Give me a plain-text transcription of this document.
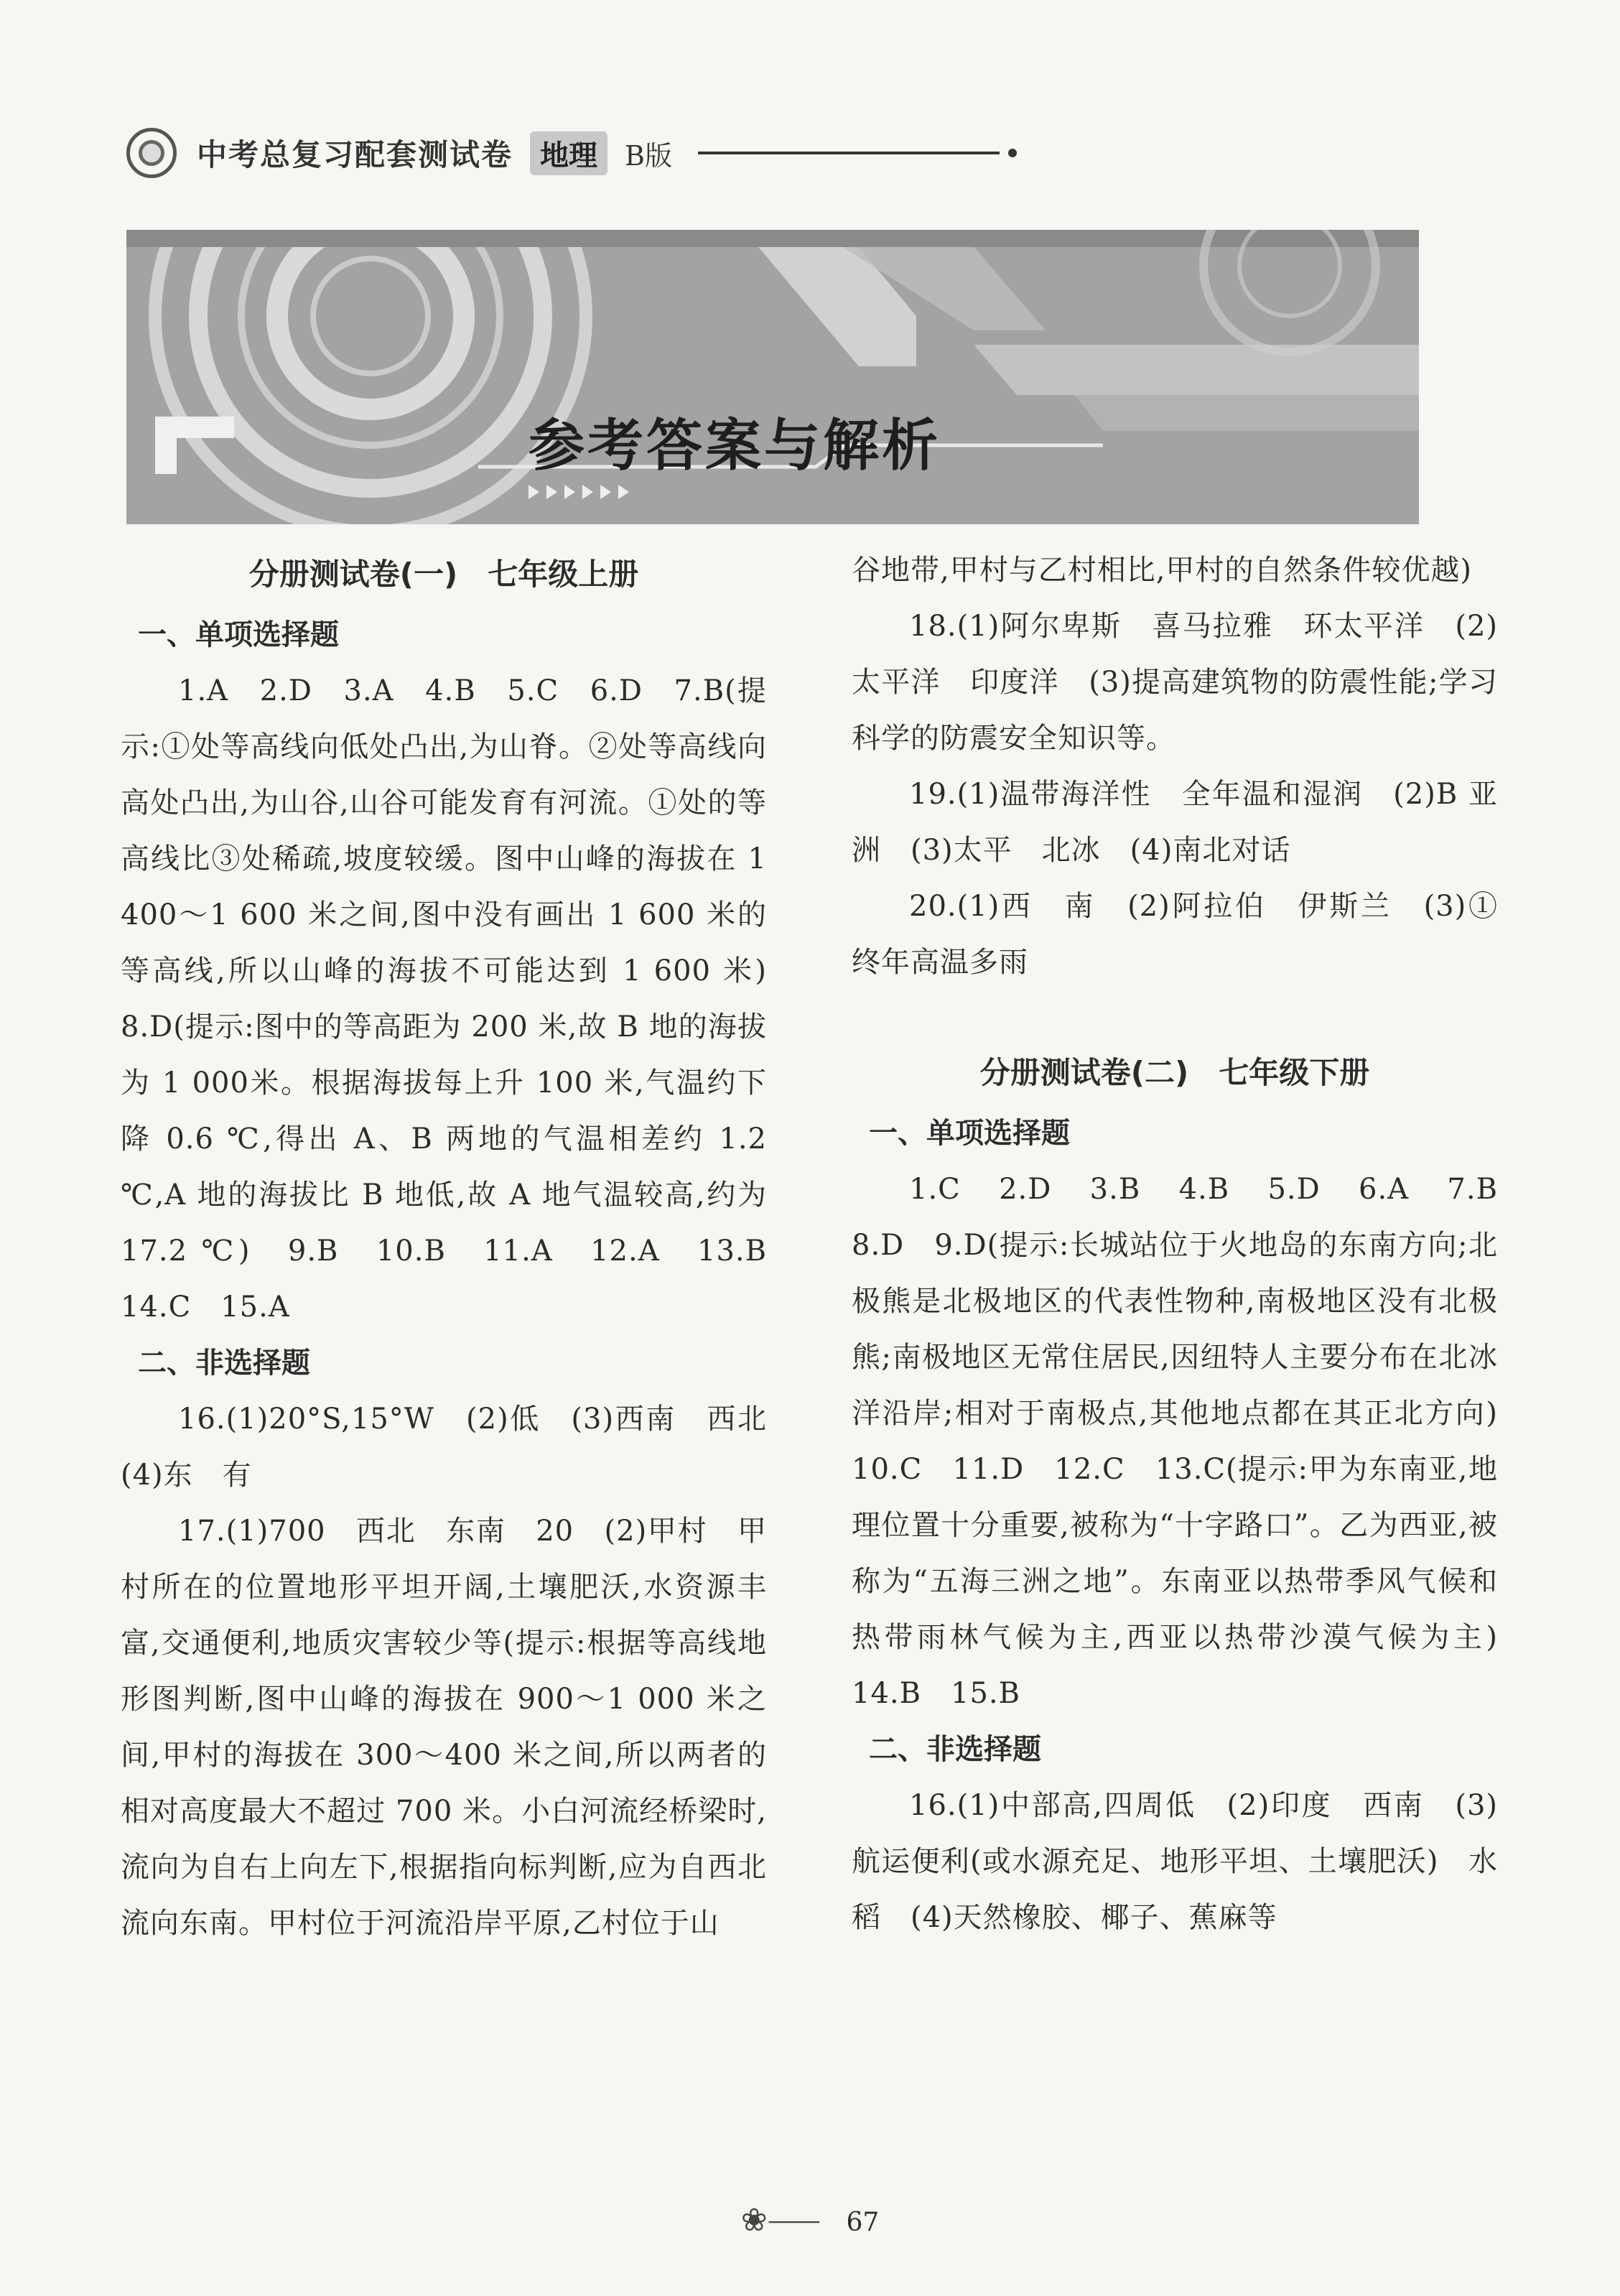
中考总复习配套测试卷 地理	B版
参考答案与解析

分册测试卷(一)　七年级上册

一、单项选择题

1.A　2.D　3.A　4.B　5.C　6.D　7.B(提示:①处等高线向低处凸出,为山脊。②处等高线向高处凸出,为山谷,山谷可能发育有河流。①处的等高线比③处稀疏,坡度较缓。图中山峰的海拔在 1 400～1 600 米之间,图中没有画出 1 600 米的等高线,所以山峰的海拔不可能达到 1 600 米)　8.D(提示:图中的等高距为 200 米,故 B 地的海拔为 1 000米。根据海拔每上升 100 米,气温约下降 0.6 ℃,得出 A、B 两地的气温相差约 1.2 ℃,A 地的海拔比 B 地低,故 A 地气温较高,约为 17.2 ℃)　9.B　10.B　11.A　12.A　13.B　14.C　15.A

二、非选择题

16.(1)20°S,15°W　(2)低　(3)西南　西北　(4)东　有

17.(1)700　西北　东南　20　(2)甲村　甲村所在的位置地形平坦开阔,土壤肥沃,水资源丰富,交通便利,地质灾害较少等(提示:根据等高线地形图判断,图中山峰的海拔在 900～1 000 米之间,甲村的海拔在 300～400 米之间,所以两者的相对高度最大不超过 700 米。小白河流经桥梁时,流向为自右上向左下,根据指向标判断,应为自西北流向东南。甲村位于河流沿岸平原,乙村位于山

谷地带,甲村与乙村相比,甲村的自然条件较优越)

18.(1)阿尔卑斯　喜马拉雅　环太平洋　(2)太平洋　印度洋　(3)提高建筑物的防震性能;学习科学的防震安全知识等。

19.(1)温带海洋性　全年温和湿润　(2)B 亚洲　(3)太平　北冰　(4)南北对话

20.(1)西　南　(2)阿拉伯　伊斯兰　(3)①　终年高温多雨

分册测试卷(二)　七年级下册

一、单项选择题

1.C　2.D　3.B　4.B　5.D　6.A　7.B　8.D　9.D(提示:长城站位于火地岛的东南方向;北极熊是北极地区的代表性物种,南极地区没有北极熊;南极地区无常住居民,因纽特人主要分布在北冰洋沿岸;相对于南极点,其他地点都在其正北方向)　10.C　11.D　12.C　13.C(提示:甲为东南亚,地理位置十分重要,被称为“十字路口”。乙为西亚,被称为“五海三洲之地”。东南亚以热带季风气候和热带雨林气候为主,西亚以热带沙漠气候为主)　14.B　15.B

二、非选择题

16.(1)中部高,四周低　(2)印度　西南　(3)航运便利(或水源充足、地形平坦、土壤肥沃)　水稻　(4)天然橡胶、椰子、蕉麻等

❀⸺ 67
